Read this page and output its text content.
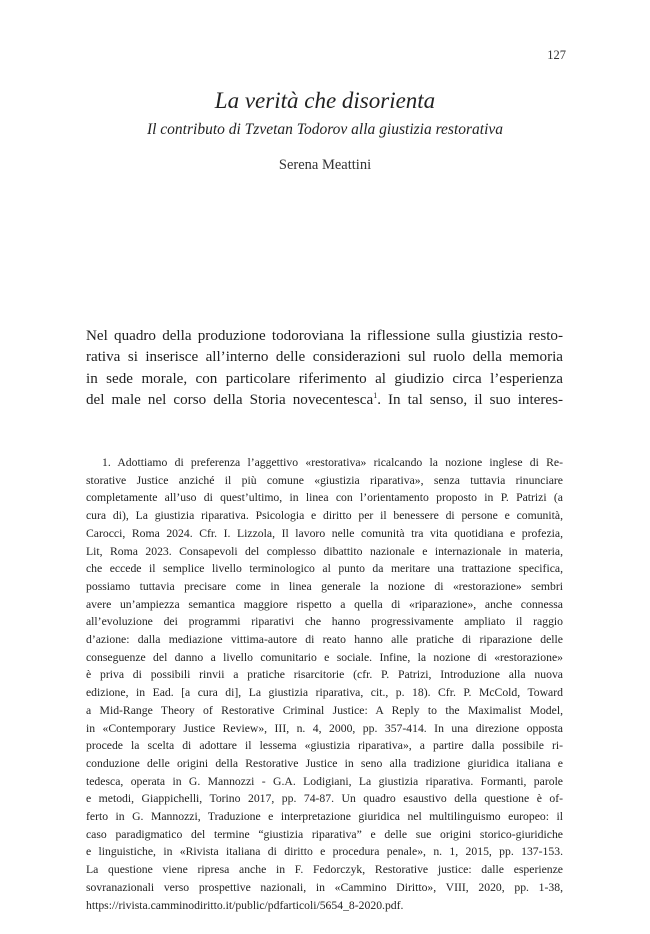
127
La verità che disorienta
Il contributo di Tzvetan Todorov alla giustizia restorativa
Serena Meattini
Nel quadro della produzione todoroviana la riflessione sulla giustizia resto-
rativa si inserisce all’interno delle considerazioni sul ruolo della memoria
in sede morale, con particolare riferimento al giudizio circa l’esperienza
del male nel corso della Storia novecentesca$^1$. In tal senso, il suo interes-
1. Adottiamo di preferenza l’aggettivo «restorativa» ricalcando la nozione inglese di Re-
storative Justice anziché il più comune «giustizia riparativa», senza tuttavia rinunciare
completamente all’uso di quest’ultimo, in linea con l’orientamento proposto in P. Patrizi (a
cura di), La giustizia riparativa. Psicologia e diritto per il benessere di persone e comunità,
Carocci, Roma 2024. Cfr. I. Lizzola, Il lavoro nelle comunità tra vita quotidiana e profezia,
Lit, Roma 2023. Consapevoli del complesso dibattito nazionale e internazionale in materia,
che eccede il semplice livello terminologico al punto da meritare una trattazione specifica,
possiamo tuttavia precisare come in linea generale la nozione di «restorazione» sembri
avere un’ampiezza semantica maggiore rispetto a quella di «riparazione», anche connessa
all’evoluzione dei programmi riparativi che hanno progressivamente ampliato il raggio
d’azione: dalla mediazione vittima-autore di reato hanno alle pratiche di riparazione delle
conseguenze del danno a livello comunitario e sociale. Infine, la nozione di «restorazione»
è priva di possibili rinvii a pratiche risarcitorie (cfr. P. Patrizi, Introduzione alla nuova
edizione, in Ead. [a cura di], La giustizia riparativa, cit., p. 18). Cfr. P. McCold, Toward
a Mid-Range Theory of Restorative Criminal Justice: A Reply to the Maximalist Model,
in «Contemporary Justice Review», III, n. 4, 2000, pp. 357-414. In una direzione opposta
procede la scelta di adottare il lessema «giustizia riparativa», a partire dalla possibile ri-
conduzione delle origini della Restorative Justice in seno alla tradizione giuridica italiana e
tedesca, operata in G. Mannozzi - G.A. Lodigiani, La giustizia riparativa. Formanti, parole
e metodi, Giappichelli, Torino 2017, pp. 74-87. Un quadro esaustivo della questione è of-
ferto in G. Mannozzi, Traduzione e interpretazione giuridica nel multilinguismo europeo: il
caso paradigmatico del termine “giustizia riparativa” e delle sue origini storico-giuridiche
e linguistiche, in «Rivista italiana di diritto e procedura penale», n. 1, 2015, pp. 137-153.
La questione viene ripresa anche in F. Fedorczyk, Restorative justice: dalle esperienze
sovranazionali verso prospettive nazionali, in «Cammino Diritto», VIII, 2020, pp. 1-38,
https://rivista.camminodiritto.it/public/pdfarticoli/5654_8-2020.pdf.
